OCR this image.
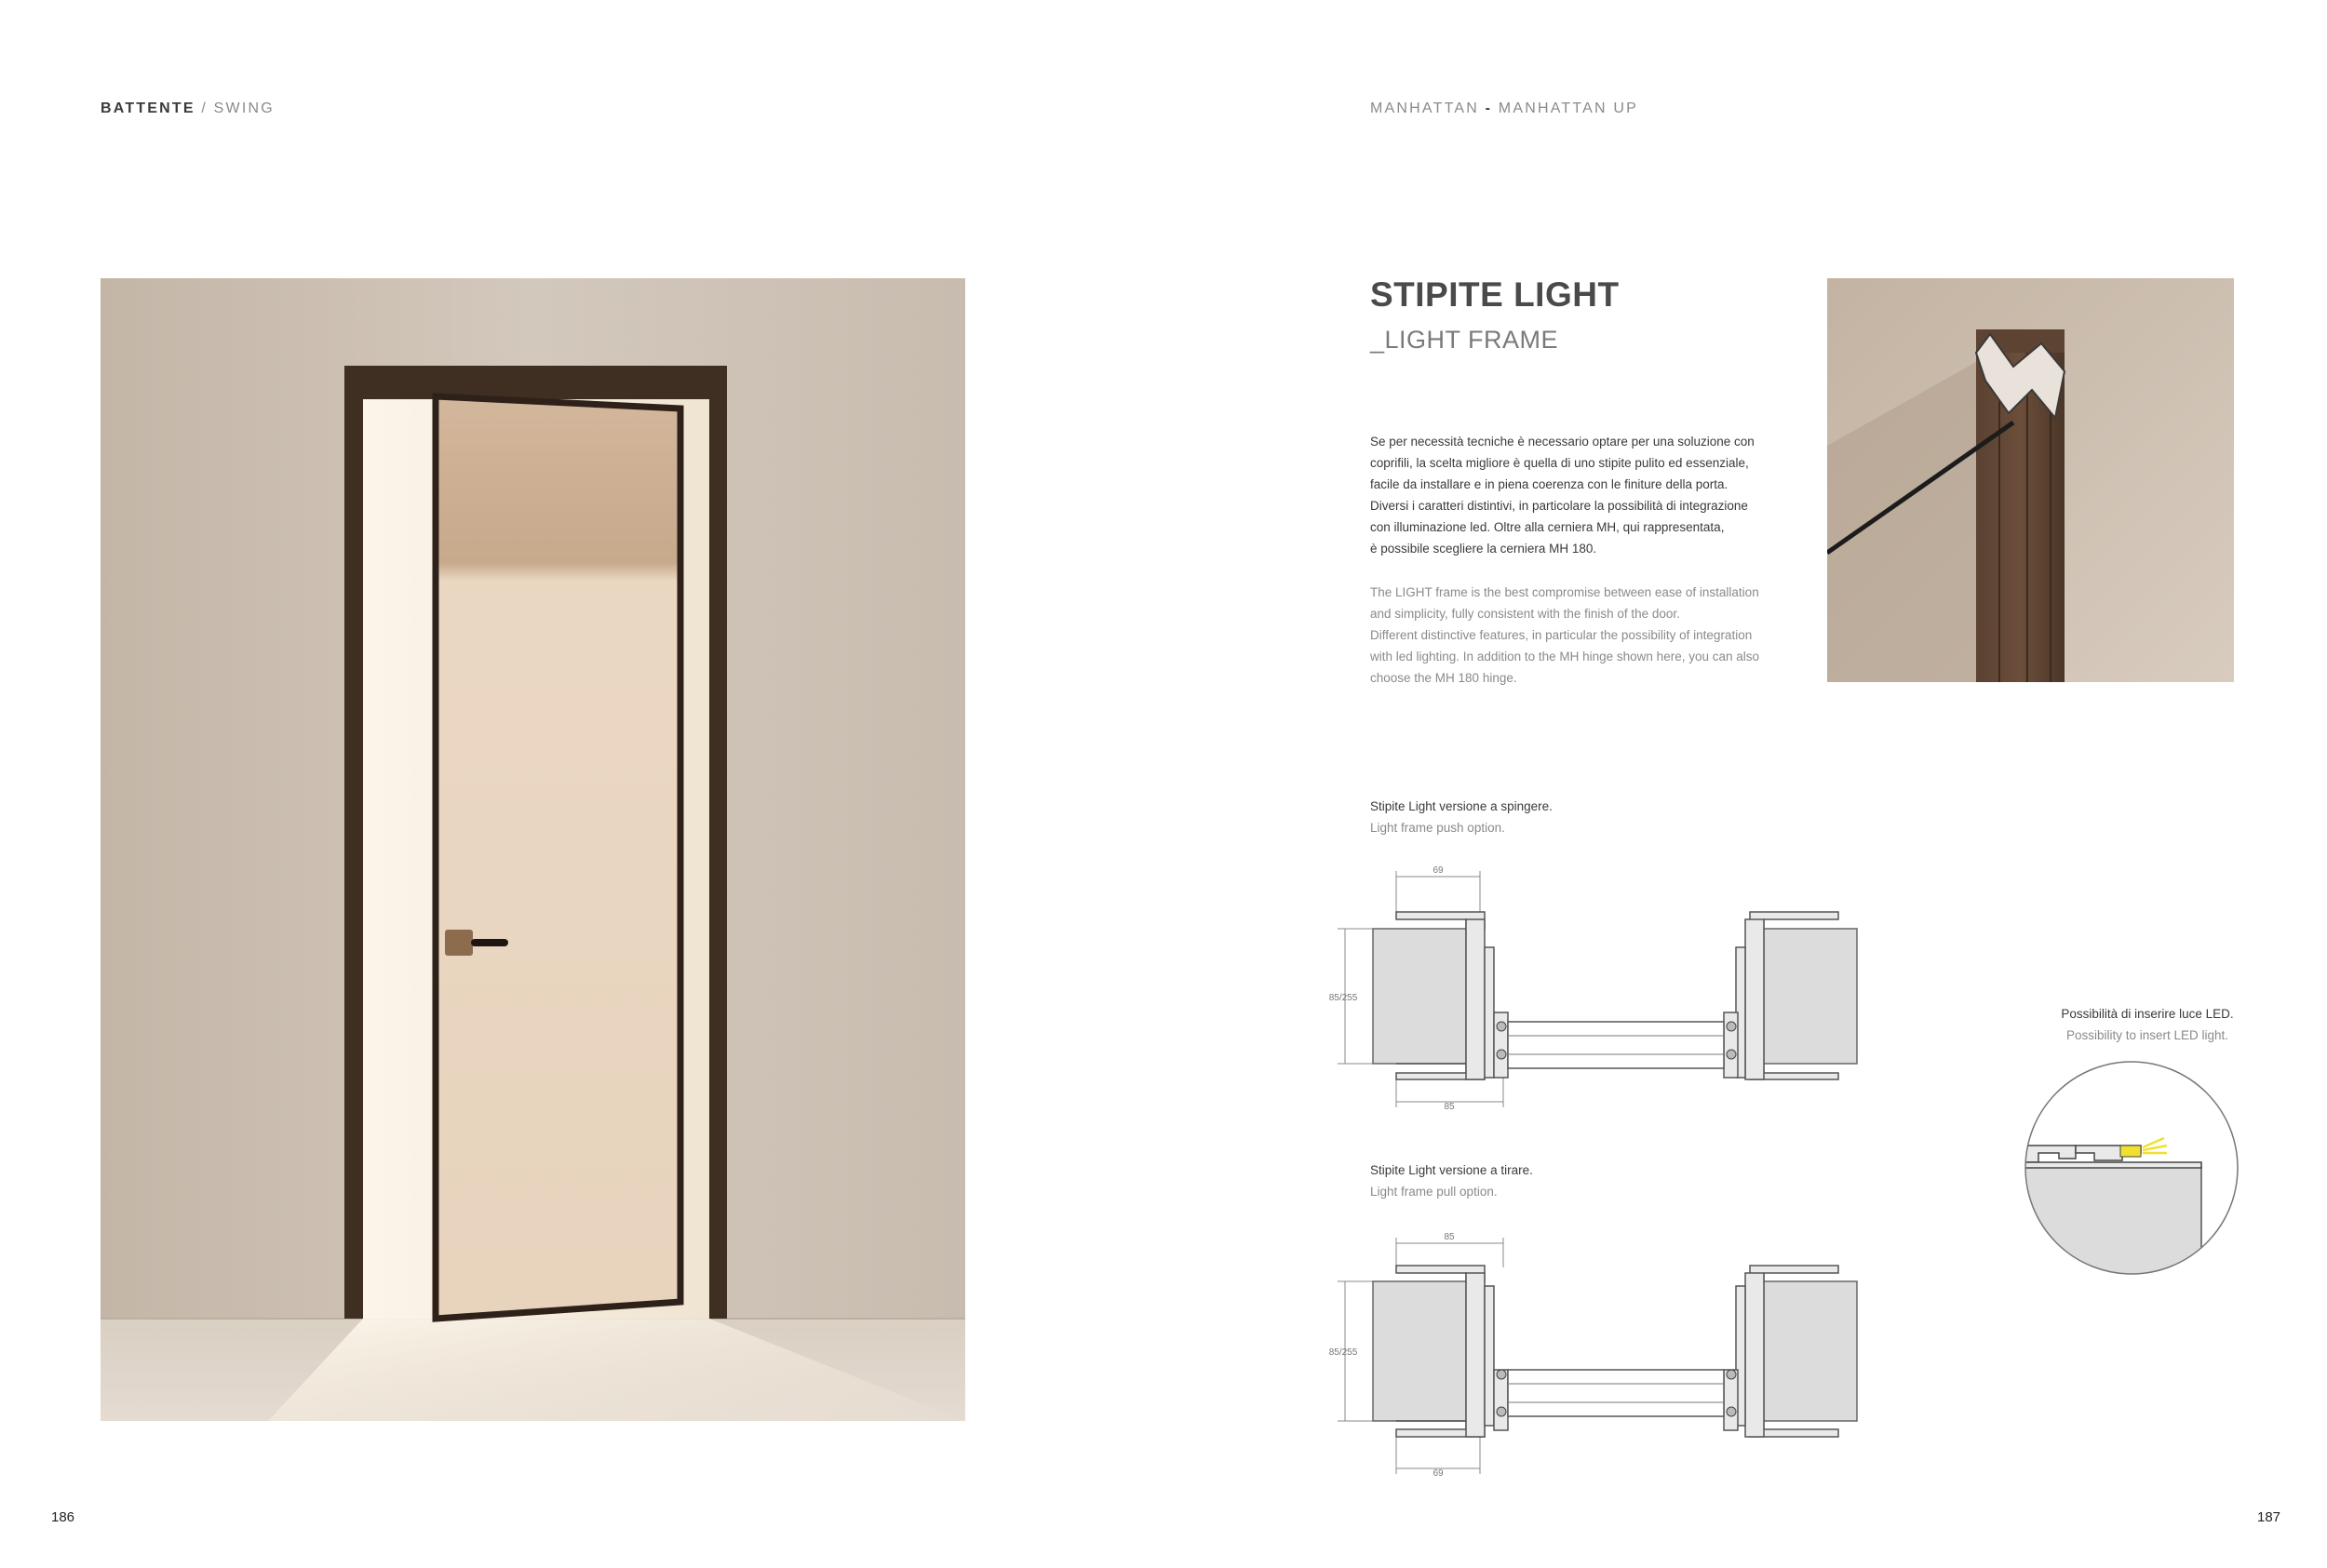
BATTENTE / SWING	MANHATTAN - MANHATTAN UP
STIPITE LIGHT
_LIGHT FRAME
Se per necessità tecniche è necessario optare per una soluzione con
coprifili, la scelta migliore è quella di uno stipite pulito ed essenziale,
facile da installare e in piena coerenza con le finiture della porta.
Diversi i caratteri distintivi, in particolare la possibilità di integrazione
con illuminazione led. Oltre alla cerniera MH, qui rappresentata,
è possibile scegliere la cerniera MH 180.
The LIGHT frame is the best compromise between ease of installation
and simplicity, fully consistent with the finish of the door.
Different distinctive features, in particular the possibility of integration
with led lighting. In addition to the MH hinge shown here, you can also
choose the MH 180 hinge.
Stipite Light versione a spingere.
Light frame push option.
Stipite Light versione a tirare.
Light frame pull option.
Possibilità di inserire luce LED.
Possibility to insert LED light.
69
85
85/255
85
69
85/255
186	187
